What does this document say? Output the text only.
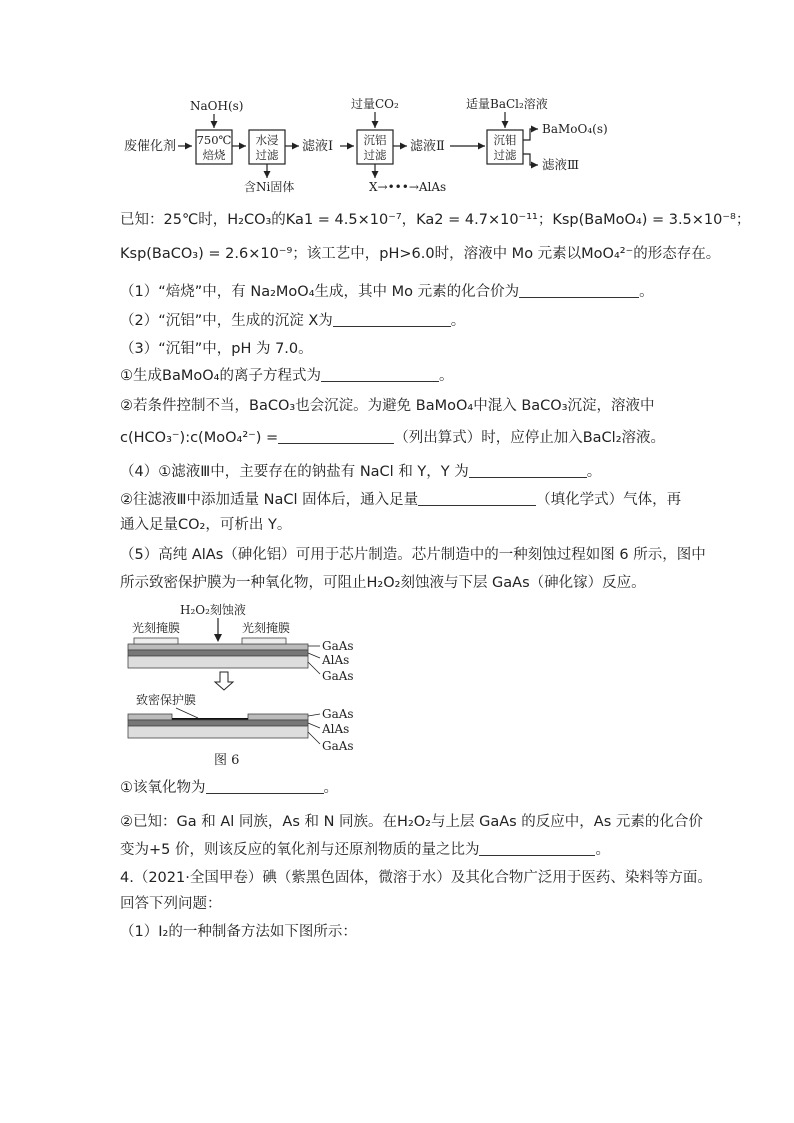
废催化剂
NaOH(s)
750℃
焙烧
水浸
过滤
含Ni固体
滤液Ⅰ
过量CO₂
沉铝
过滤
X→•••→AlAs
滤液Ⅱ
适量BaCl₂溶液
沉钼
过滤
BaMoO₄(s)
滤液Ⅲ
已知：25℃时，H₂CO₃的Ka1 = 4.5×10⁻⁷，Ka2 = 4.7×10⁻¹¹；Ksp(BaMoO₄) = 3.5×10⁻⁸；
Ksp(BaCO₃) = 2.6×10⁻⁹；该工艺中，pH>6.0时，溶液中 Mo 元素以MoO₄²⁻的形态存在。
（1）“焙烧”中，有 Na₂MoO₄生成，其中 Mo 元素的化合价为	。
（2）“沉铝”中，生成的沉淀 X为	。
（3）“沉钼”中，pH 为 7.0。
①生成BaMoO₄的离子方程式为	。
②若条件控制不当，BaCO₃也会沉淀。为避免 BaMoO₄中混入 BaCO₃沉淀，溶液中
c(HCO₃⁻):c(MoO₄²⁻) =	（列出算式）时，应停止加入BaCl₂溶液。
（4）①滤液Ⅲ中，主要存在的钠盐有 NaCl 和 Y，Y 为	。
②往滤液Ⅲ中添加适量 NaCl 固体后，通入足量	（填化学式）气体，再
通入足量CO₂，可析出 Y。
（5）高纯 AlAs（砷化铝）可用于芯片制造。芯片制造中的一种刻蚀过程如图 6 所示，图中
所示致密保护膜为一种氧化物，可阻止H₂O₂刻蚀液与下层 GaAs（砷化镓）反应。
H₂O₂刻蚀液
光刻掩膜	光刻掩膜
GaAs
AlAs
GaAs
致密保护膜
GaAs
AlAs
GaAs
图 6
①该氧化物为	。
②已知：Ga 和 Al 同族，As 和 N 同族。在H₂O₂与上层 GaAs 的反应中，As 元素的化合价
变为+5 价，则该反应的氧化剂与还原剂物质的量之比为	。
4.（2021·全国甲卷）碘（紫黑色固体，微溶于水）及其化合物广泛用于医药、染料等方面。
回答下列问题：
（1）I₂的一种制备方法如下图所示：
